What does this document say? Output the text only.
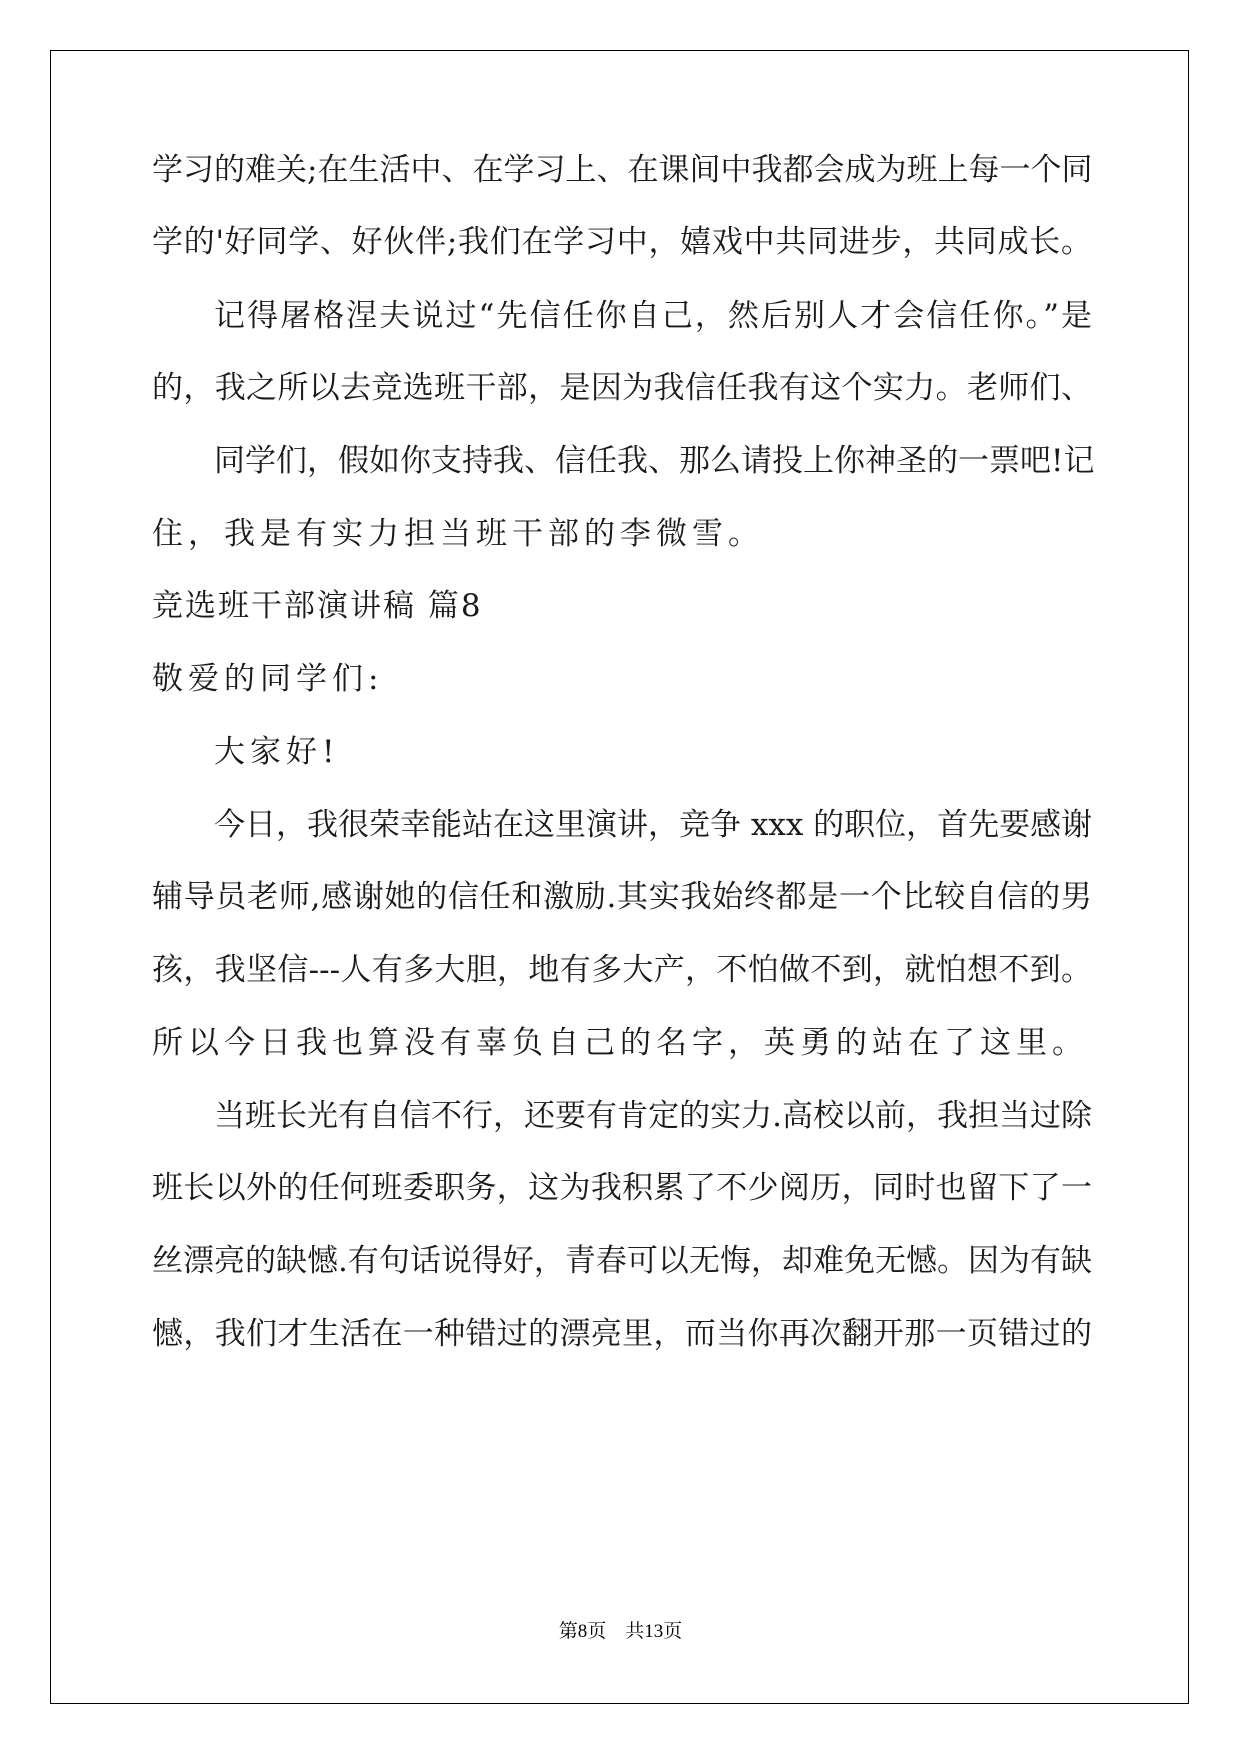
学习的难关;在生活中、在学习上、在课间中我都会成为班上每一个同
学的'好同学、好伙伴;我们在学习中，嬉戏中共同进步，共同成长。
记得屠格涅夫说过“先信任你自己，然后别人才会信任你。”是
的，我之所以去竞选班干部，是因为我信任我有这个实力。老师们、
同学们，假如你支持我、信任我、那么请投上你神圣的一票吧!记
住，我是有实力担当班干部的李微雪。
竞选班干部演讲稿 篇8
敬爱的同学们:
大家好!
今日，我很荣幸能站在这里演讲，竞争 xxx 的职位，首先要感谢
辅导员老师,感谢她的信任和激励.其实我始终都是一个比较自信的男
孩，我坚信---人有多大胆，地有多大产，不怕做不到，就怕想不到。
所以今日我也算没有辜负自己的名字，英勇的站在了这里。
当班长光有自信不行，还要有肯定的实力.高校以前，我担当过除
班长以外的任何班委职务，这为我积累了不少阅历，同时也留下了一
丝漂亮的缺憾.有句话说得好，青春可以无悔，却难免无憾。因为有缺
憾，我们才生活在一种错过的漂亮里，而当你再次翻开那一页错过的
第8页　共13页
